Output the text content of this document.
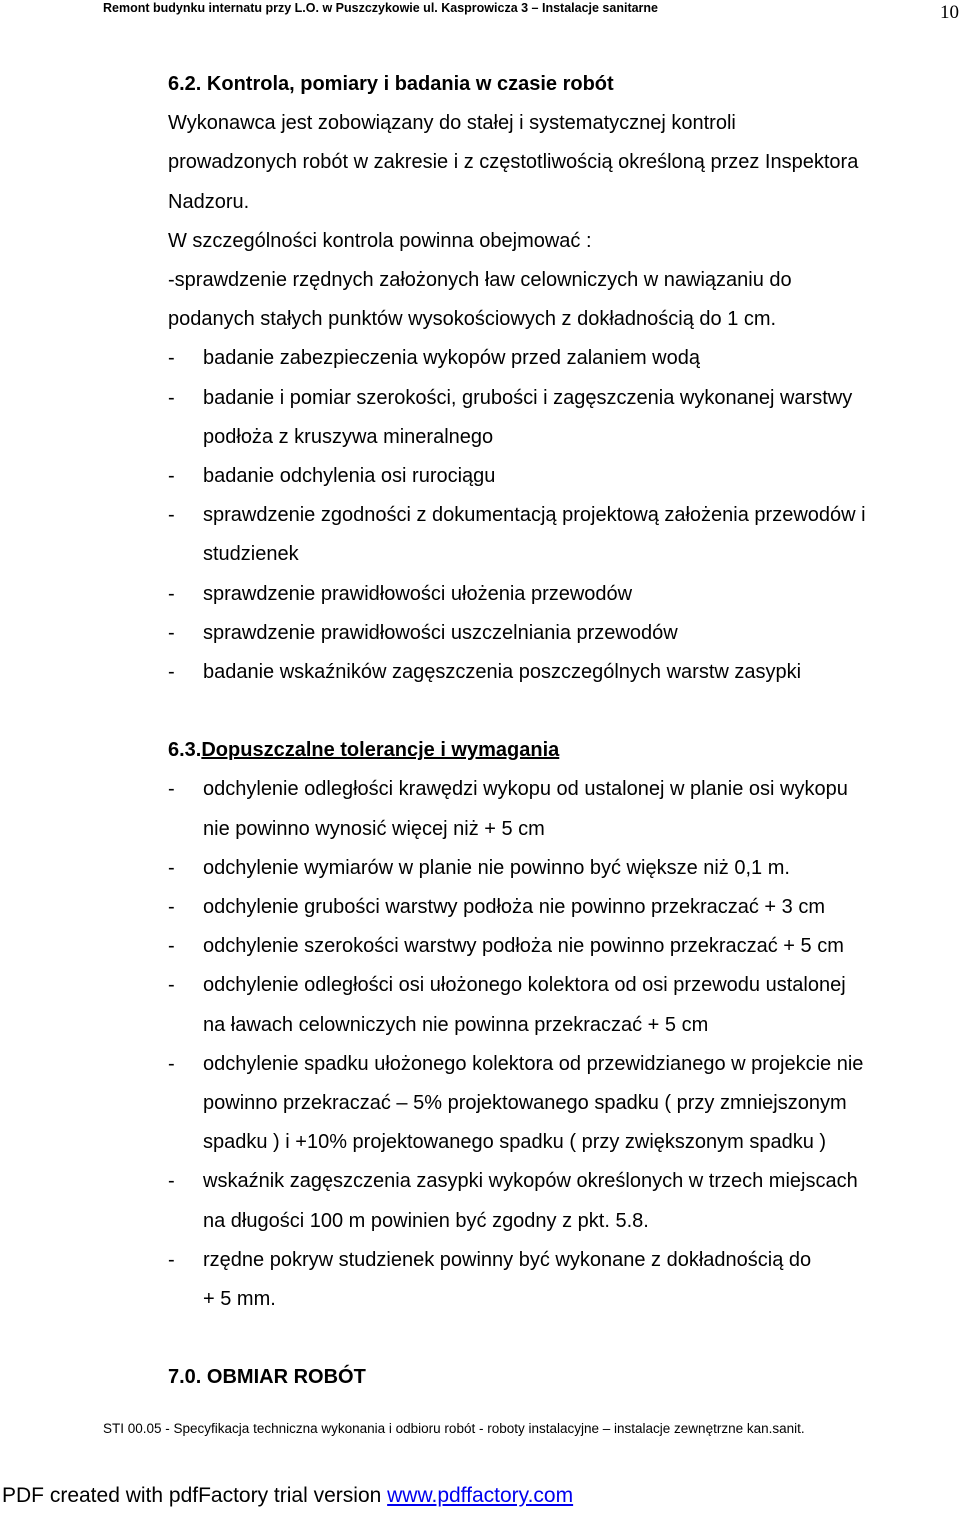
Remont budynku internatu przy L.O. w Puszczykowie ul. Kasprowicza 3 – Instalacje sanitarne	10

6.2. Kontrola, pomiary i badania w czasie robót

Wykonawca jest zobowiązany do stałej i systematycznej kontroli

prowadzonych robót w zakresie i z częstotliwością określoną przez Inspektora

Nadzoru.

W szczególności kontrola powinna obejmować :

-sprawdzenie rzędnych założonych ław celowniczych w nawiązaniu do

podanych stałych punktów wysokościowych z dokładnością do 1 cm.

-	badanie zabezpieczenia wykopów przed zalaniem wodą
-	badanie i pomiar szerokości, grubości i zagęszczenia wykonanej warstwy
podłoża z kruszywa mineralnego
-	badanie odchylenia osi rurociągu
-	sprawdzenie zgodności z dokumentacją projektową założenia przewodów i
studzienek
-	sprawdzenie prawidłowości ułożenia przewodów
-	sprawdzenie prawidłowości uszczelniania przewodów
-	badanie wskaźników zagęszczenia poszczególnych warstw zasypki

6.3.Dopuszczalne tolerancje i wymagania

-	odchylenie odległości krawędzi wykopu od ustalonej w planie osi wykopu
nie powinno wynosić więcej niż + 5 cm
-	odchylenie wymiarów w planie nie powinno być większe niż 0,1 m.
-	odchylenie grubości warstwy podłoża nie powinno przekraczać + 3 cm
-	odchylenie szerokości warstwy podłoża nie powinno przekraczać + 5 cm
-	odchylenie odległości osi ułożonego kolektora od osi przewodu ustalonej
na ławach celowniczych nie powinna przekraczać + 5 cm
-	odchylenie spadku ułożonego kolektora od przewidzianego w projekcie nie
powinno przekraczać – 5% projektowanego spadku ( przy zmniejszonym
spadku ) i +10% projektowanego spadku ( przy zwiększonym spadku )
-	wskaźnik zagęszczenia zasypki wykopów określonych w trzech miejscach
na długości 100 m powinien być zgodny z pkt. 5.8.
-	rzędne pokryw studzienek powinny być wykonane z dokładnością do
+ 5 mm.

7.0. OBMIAR ROBÓT

STI 00.05 - Specyfikacja techniczna wykonania i odbioru robót - roboty instalacyjne – instalacje zewnętrzne kan.sanit.
PDF created with pdfFactory trial version www.pdffactory.com
